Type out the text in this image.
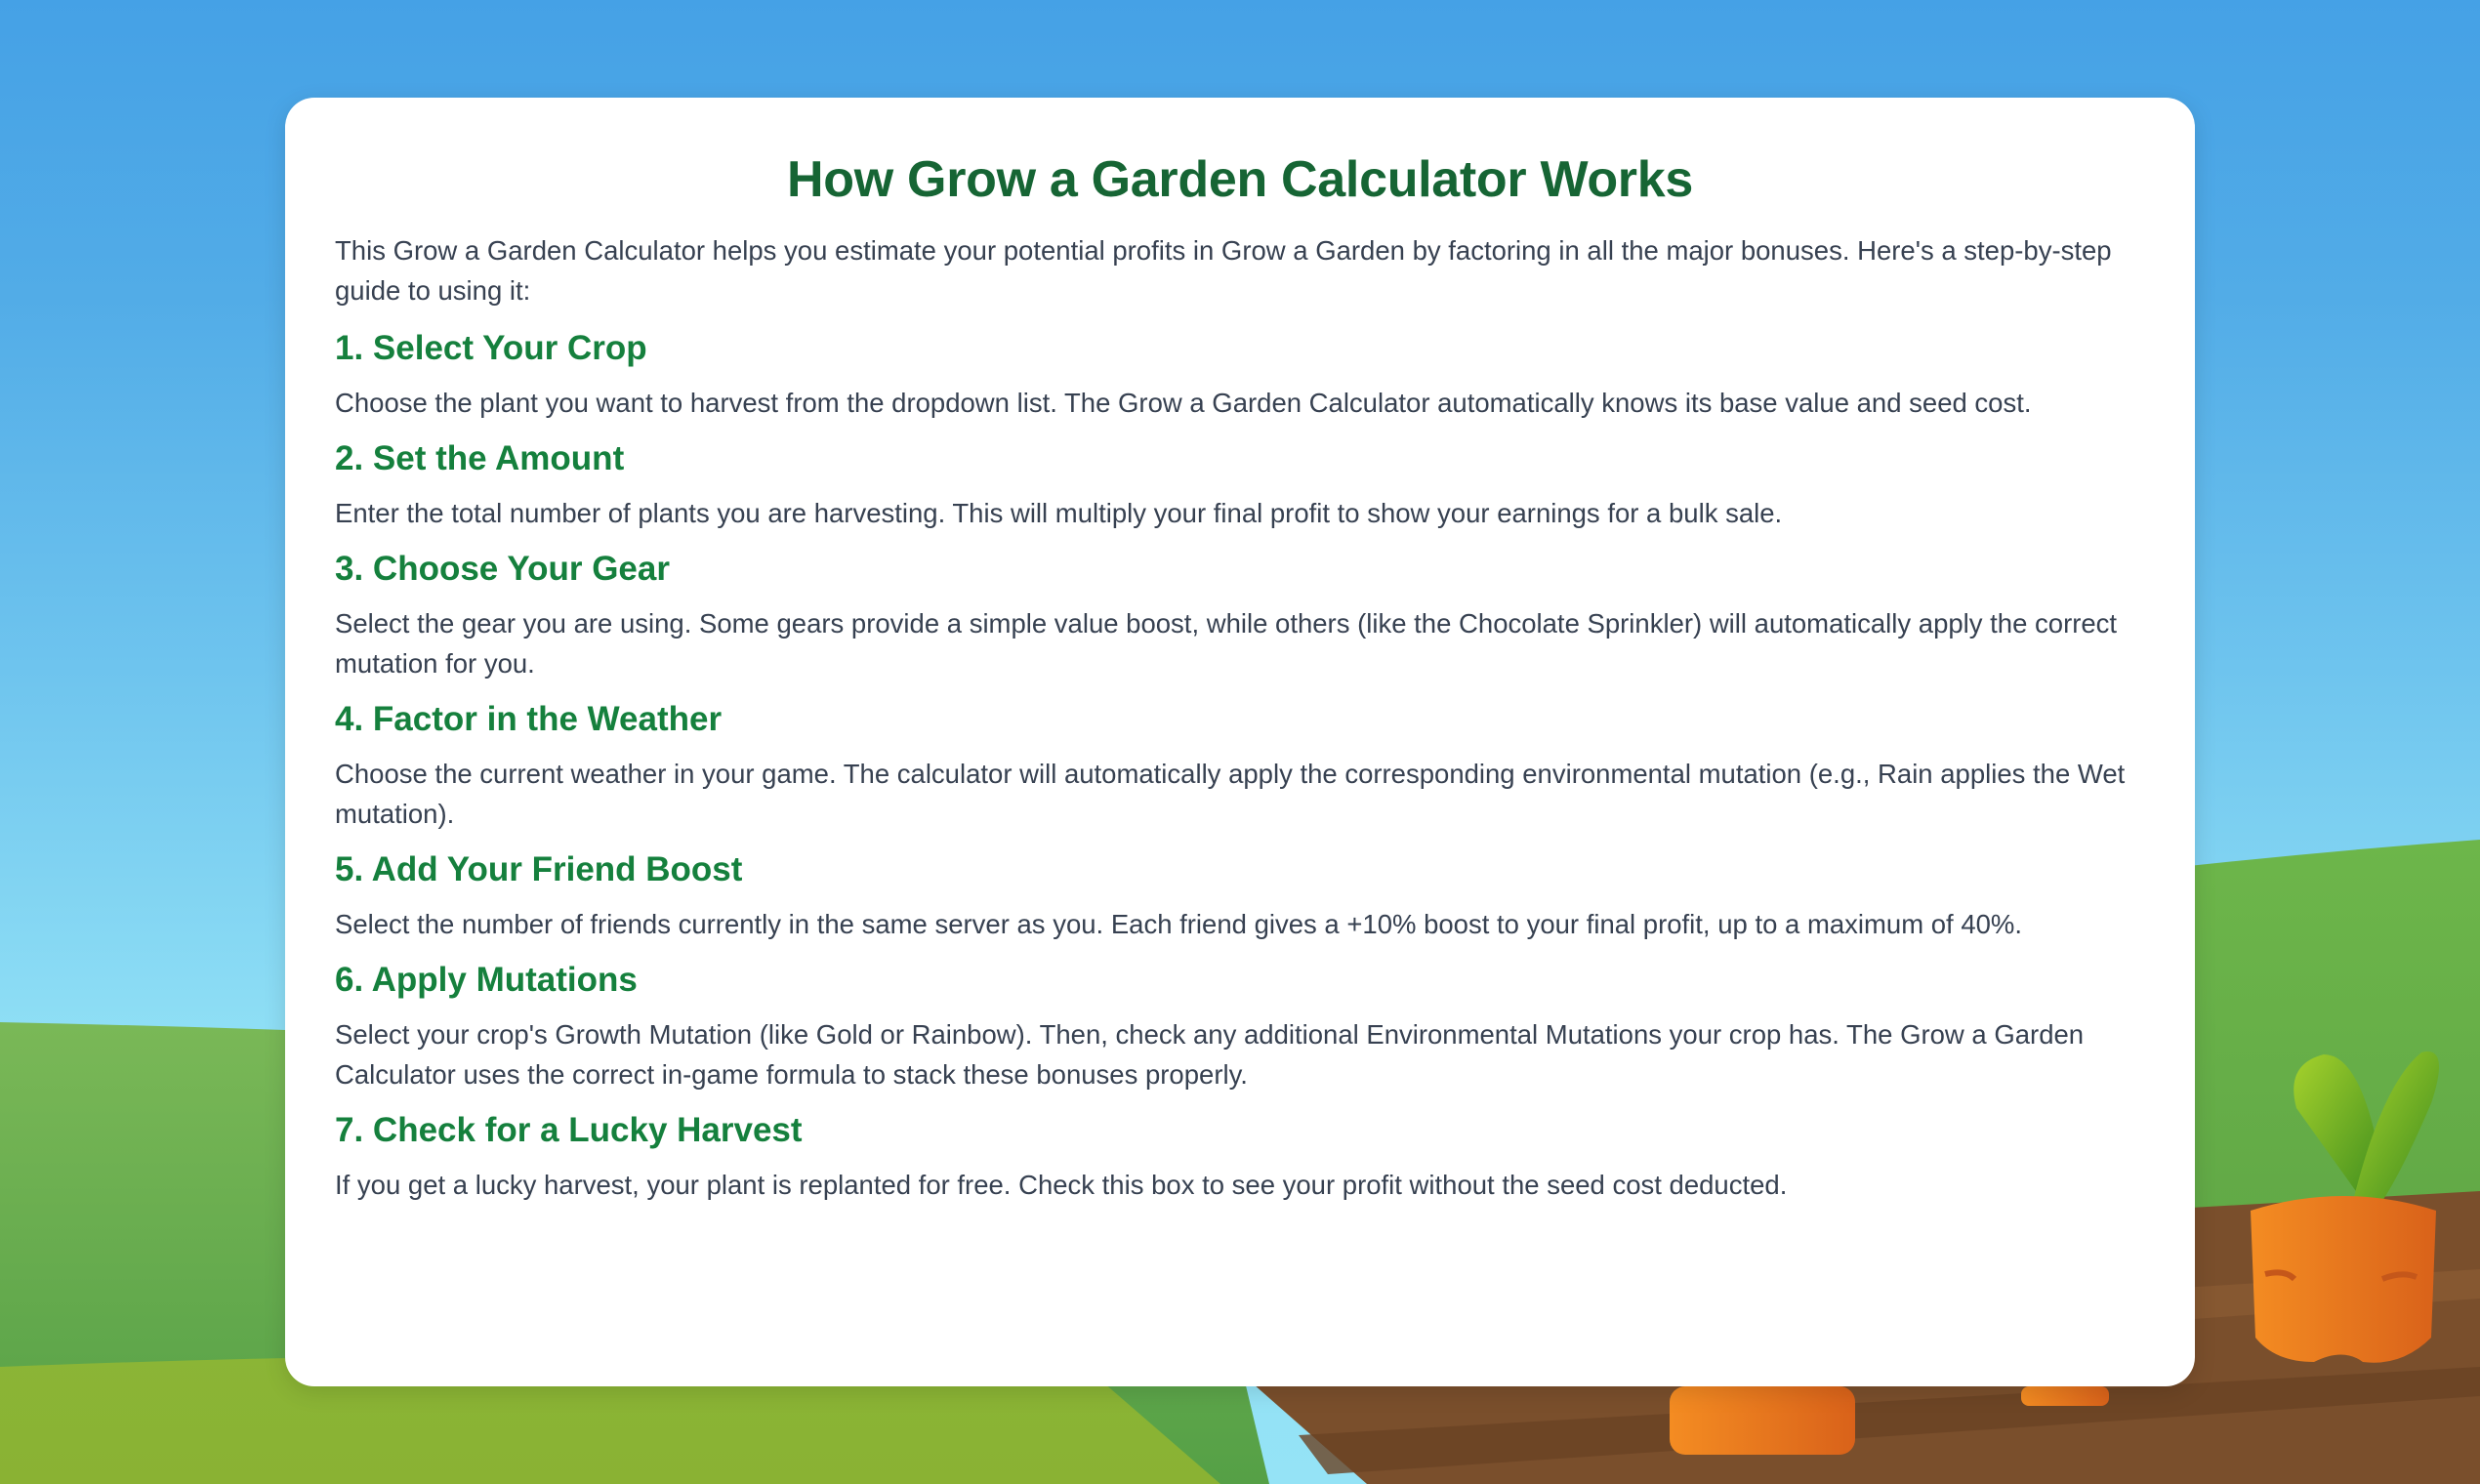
How Grow a Garden Calculator Works

This Grow a Garden Calculator helps you estimate your potential profits in Grow a Garden by factoring in all the major bonuses. Here's a step-by-step guide to using it:

1. Select Your Crop

Choose the plant you want to harvest from the dropdown list. The Grow a Garden Calculator automatically knows its base value and seed cost.

2. Set the Amount

Enter the total number of plants you are harvesting. This will multiply your final profit to show your earnings for a bulk sale.

3. Choose Your Gear

Select the gear you are using. Some gears provide a simple value boost, while others (like the Chocolate Sprinkler) will automatically apply the correct mutation for you.

4. Factor in the Weather

Choose the current weather in your game. The calculator will automatically apply the corresponding environmental mutation (e.g., Rain applies the Wet mutation).

5. Add Your Friend Boost

Select the number of friends currently in the same server as you. Each friend gives a +10% boost to your final profit, up to a maximum of 40%.

6. Apply Mutations

Select your crop's Growth Mutation (like Gold or Rainbow). Then, check any additional Environmental Mutations your crop has. The Grow a Garden Calculator uses the correct in-game formula to stack these bonuses properly.

7. Check for a Lucky Harvest

If you get a lucky harvest, your plant is replanted for free. Check this box to see your profit without the seed cost deducted.
